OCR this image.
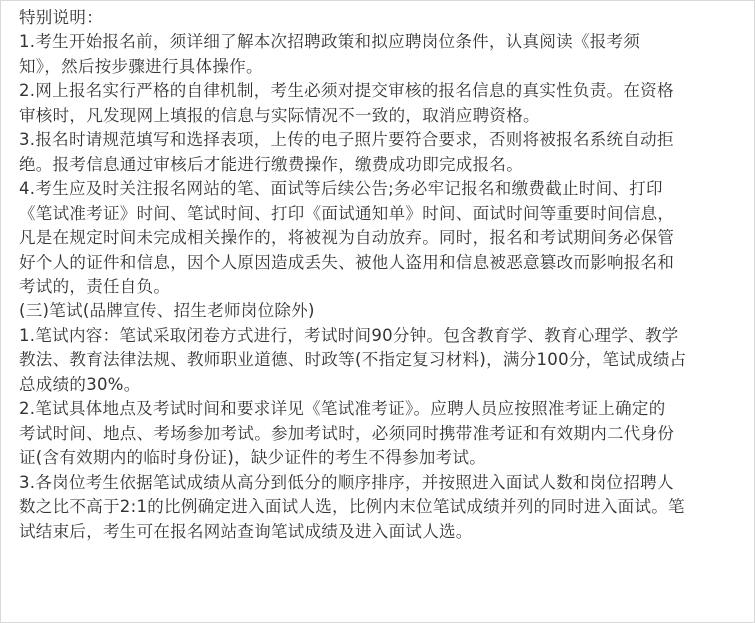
特别说明：
1.考生开始报名前，须详细了解本次招聘政策和拟应聘岗位条件，认真阅读《报考须
知》，然后按步骤进行具体操作。
2.网上报名实行严格的自律机制，考生必须对提交审核的报名信息的真实性负责。在资格
审核时，凡发现网上填报的信息与实际情况不一致的，取消应聘资格。
3.报名时请规范填写和选择表项，上传的电子照片要符合要求，否则将被报名系统自动拒
绝。报考信息通过审核后才能进行缴费操作，缴费成功即完成报名。
4.考生应及时关注报名网站的笔、面试等后续公告;务必牢记报名和缴费截止时间、打印
《笔试准考证》时间、笔试时间、打印《面试通知单》时间、面试时间等重要时间信息，
凡是在规定时间未完成相关操作的，将被视为自动放弃。同时，报名和考试期间务必保管
好个人的证件和信息，因个人原因造成丢失、被他人盗用和信息被恶意篡改而影响报名和
考试的，责任自负。
(三)笔试(品牌宣传、招生老师岗位除外)
1.笔试内容：笔试采取闭卷方式进行，考试时间90分钟。包含教育学、教育心理学、教学
教法、教育法律法规、教师职业道德、时政等(不指定复习材料)，满分100分，笔试成绩占
总成绩的30%。
2.笔试具体地点及考试时间和要求详见《笔试准考证》。应聘人员应按照准考证上确定的
考试时间、地点、考场参加考试。参加考试时，必须同时携带准考证和有效期内二代身份
证(含有效期内的临时身份证)，缺少证件的考生不得参加考试。
3.各岗位考生依据笔试成绩从高分到低分的顺序排序，并按照进入面试人数和岗位招聘人
数之比不高于2:1的比例确定进入面试人选，比例内末位笔试成绩并列的同时进入面试。笔
试结束后，考生可在报名网站查询笔试成绩及进入面试人选。
